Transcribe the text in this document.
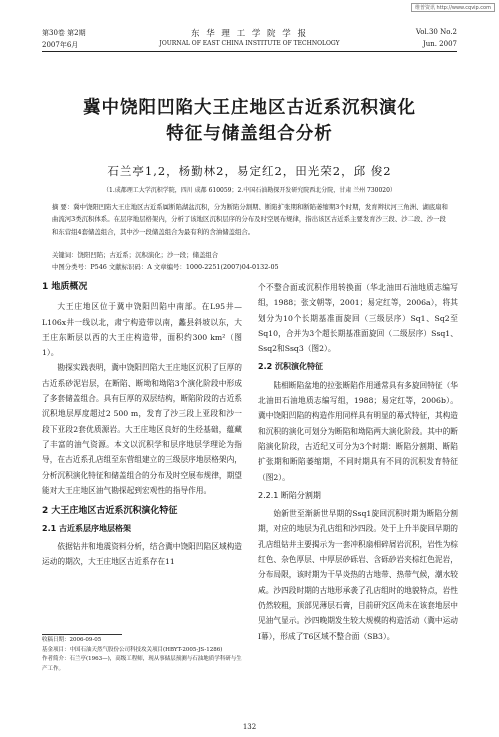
维普资讯 http://www.cqvip.com
第30卷 第2期
2007年6月
东 华 理 工 学 院 学 报
JOURNAL OF EAST CHINA INSTITUTE OF TECHNOLOGY
Vol.30 No.2
Jun. 2007
冀中饶阳凹陷大王庄地区古近系沉积演化
特征与储盖组合分析
石兰亭1,2，杨勤林2，易定红2，田光荣2，邱 俊2
（1.成都理工大学沉积学院，四川 成都 610059；2.中国石油勘探开发研究院西北分院，甘肃 兰州 730020）
摘 要：冀中饶阳凹陷大王庄地区古近系属断陷湖盆沉积，分为断陷分割期、断陷扩张期和断陷萎缩期3个时期，发育辫状河三角洲、湖底扇和曲流河3类沉积体系。在层序地层格架内，分析了该地区沉积层序的分布及时空展布规律，指出该区古近系主要发育沙三段、沙二段、沙一段和东营组4套储盖组合，其中沙一段储盖组合为最有利的含油储盖组合。
关键词：饶阳凹陷；古近系；沉积演化；沙一段；储盖组合
中图分类号：P546 文献标识码：A 文章编号：1000-2251(2007)04-0132-05
1 地质概况

大王庄地区位于冀中饶阳凹陷中南部。在L95井—L106x井一线以北，肃宁构造带以南，蠡县斜坡以东，大王庄东断层以西的大王庄构造带，面积约300 km²（图1）。

勘探实践表明，冀中饶阳凹陷大王庄地区沉积了巨厚的古近系砂泥岩层，在断陷、断坳和坳陷3个演化阶段中形成了多套储盖组合。具有巨厚的双层结构，断陷阶段的古近系沉积地层厚度超过2 500 m，发育了沙三段上亚段和沙一段下亚段2套优质源岩。大王庄地区良好的生烃基础，蕴藏了丰富的油气资源。本文以沉积学和层序地层学理论为指导，在古近系孔店组至东营组建立的三级层序地层格架内，分析沉积演化特征和储盖组合的分布及时空展布规律，期望能对大王庄地区油气勘探起到宏观性的指导作用。

2 大王庄地区古近系沉积演化特征
2.1 古近系层序地层格架

依据钻井和地震资料分析，结合冀中饶阳凹陷区域构造运动的期次，大王庄地区古近系存在11

收稿日期：2006-09-05
基金项目：中国石油天然气股份公司科技攻关项目(HBYT-2005-JS-1286)
作者简介：石兰亭(1963—)，高级工程师，现从事储层预测与石油地质学科研与生产工作。

个不整合面或沉积作用转换面（华北油田石油地质志编写组，1988；张文朝等，2001；易定红等，2006a），将其划分为10个长期基准面旋回（三级层序）Sq1、Sq2至Sq10，合并为3个超长期基准面旋回（二级层序）Ssq1、Ssq2和Ssq3（图2）。

2.2 沉积演化特征

陆相断陷盆地的拉张断陷作用通常具有多旋回特征（华北油田石油地质志编写组，1988；易定红等，2006b）。冀中饶阳凹陷的构造作用同样具有明显的幕式特征，其构造和沉积的演化可划分为断陷和坳陷两大演化阶段。其中的断陷演化阶段，古近纪又可分为3个时期：断陷分割期、断陷扩张期和断陷萎缩期，不同时期具有不同的沉积发育特征（图2）。

2.2.1 断陷分割期

始新世至渐新世早期的Ssq1旋回沉积时期为断陷分割期，对应的地层为孔店组和沙四段。处于上升半旋回早期的孔店组钻井主要揭示为一套冲积扇相碎屑岩沉积，岩性为棕红色、杂色厚层、中厚层砂砾岩、含砾砂岩夹棕红色泥岩，分布局限，该时期为干旱炎热的古地带、热带气候，潮水较咸。沙四段时期的古地形承袭了孔店组时的地貌特点，岩性仍然较粗，顶部见薄层石膏，目前研究区尚未在该套地层中见油气显示。沙四晚期发生较大规模的构造活动（冀中运动Ⅰ幕），形成了T6区域不整合面（SB3）。

132
